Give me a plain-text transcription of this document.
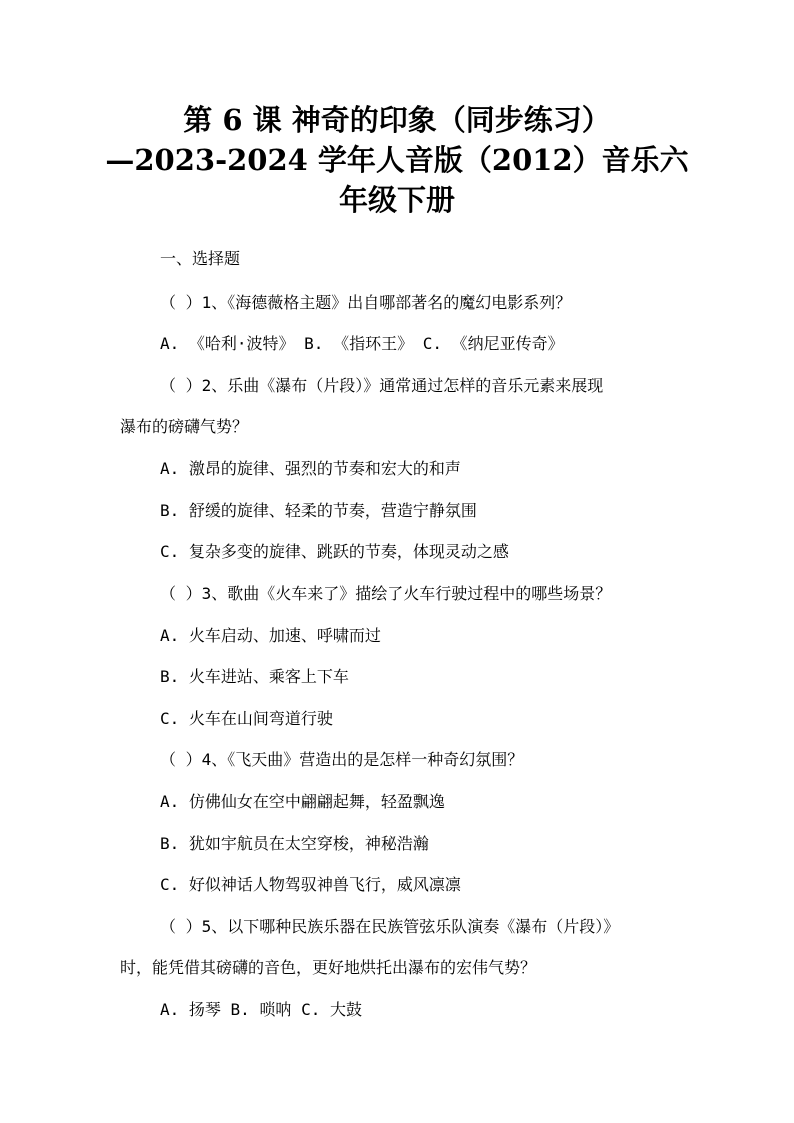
第 6 课 神奇的印象（同步练习）
—2023-2024 学年人音版（2012）音乐六
年级下册
一、选择题
（ ）1、《海德薇格主题》出自哪部著名的魔幻电影系列？
A. 《哈利·波特》 B. 《指环王》 C. 《纳尼亚传奇》
（ ）2、乐曲《瀑布（片段）》通常通过怎样的音乐元素来展现
瀑布的磅礴气势？
A. 激昂的旋律、强烈的节奏和宏大的和声
B. 舒缓的旋律、轻柔的节奏，营造宁静氛围
C. 复杂多变的旋律、跳跃的节奏，体现灵动之感
（ ）3、歌曲《火车来了》描绘了火车行驶过程中的哪些场景？
A. 火车启动、加速、呼啸而过
B. 火车进站、乘客上下车
C. 火车在山间弯道行驶
（ ）4、《飞天曲》营造出的是怎样一种奇幻氛围？
A. 仿佛仙女在空中翩翩起舞，轻盈飘逸
B. 犹如宇航员在太空穿梭，神秘浩瀚
C. 好似神话人物驾驭神兽飞行，威风凛凛
（ ）5、以下哪种民族乐器在民族管弦乐队演奏《瀑布（片段）》
时，能凭借其磅礴的音色，更好地烘托出瀑布的宏伟气势？
A. 扬琴 B. 唢呐 C. 大鼓
